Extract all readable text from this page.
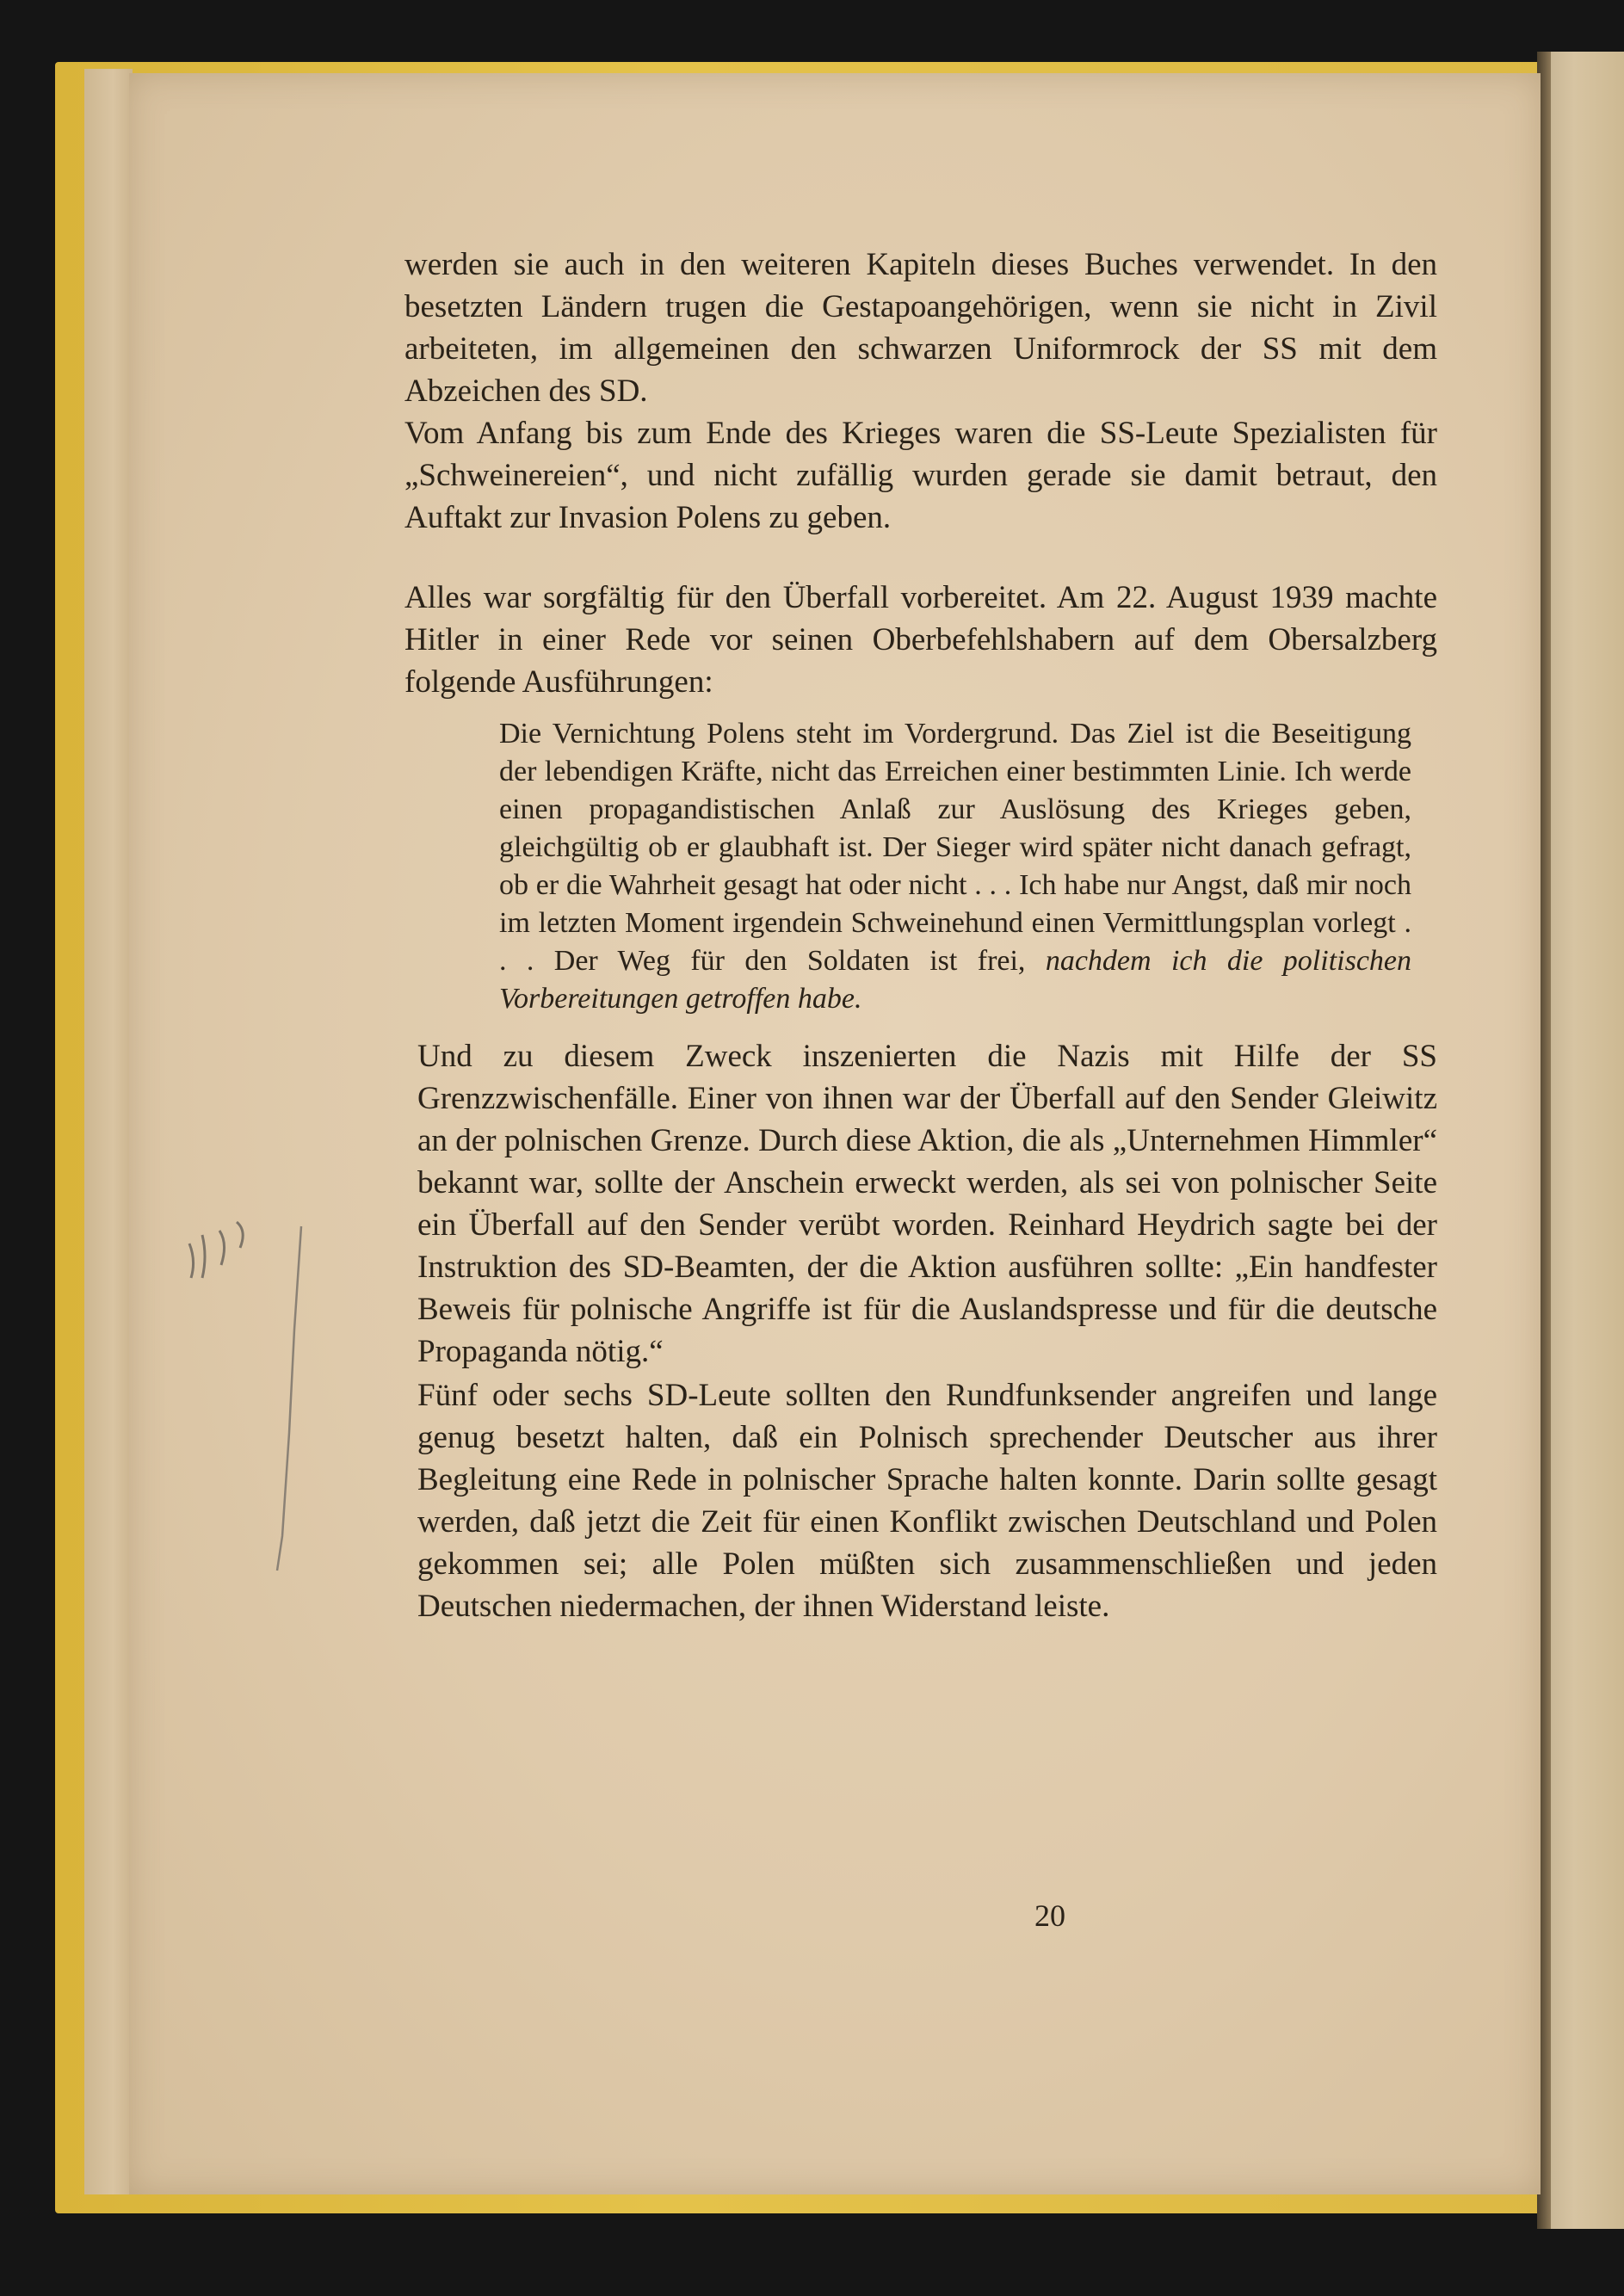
werden sie auch in den weiteren Kapiteln dieses Buches verwendet. In den besetzten Ländern trugen die Gestapoangehörigen, wenn sie nicht in Zivil arbeiteten, im allgemeinen den schwarzen Uniformrock der SS mit dem Abzeichen des SD.

Vom Anfang bis zum Ende des Krieges waren die SS-Leute Spezialisten für „Schweinereien“, und nicht zufällig wurden gerade sie damit betraut, den Auftakt zur Invasion Polens zu geben.

Alles war sorgfältig für den Überfall vorbereitet. Am 22. August 1939 machte Hitler in einer Rede vor seinen Oberbefehlshabern auf dem Obersalzberg folgende Ausführungen:

Die Vernichtung Polens steht im Vordergrund. Das Ziel ist die Beseitigung der lebendigen Kräfte, nicht das Erreichen einer bestimmten Linie. Ich werde einen propagandistischen Anlaß zur Auslösung des Krieges geben, gleichgültig ob er glaubhaft ist. Der Sieger wird später nicht danach gefragt, ob er die Wahrheit gesagt hat oder nicht . . . Ich habe nur Angst, daß mir noch im letzten Moment irgendein Schweinehund einen Vermittlungsplan vorlegt . . . Der Weg für den Soldaten ist frei, nachdem ich die politischen Vorbereitungen getroffen habe.

Und zu diesem Zweck inszenierten die Nazis mit Hilfe der SS Grenzzwischenfälle. Einer von ihnen war der Überfall auf den Sender Gleiwitz an der polnischen Grenze. Durch diese Aktion, die als „Unternehmen Himmler“ bekannt war, sollte der Anschein erweckt werden, als sei von polnischer Seite ein Überfall auf den Sender verübt worden. Reinhard Heydrich sagte bei der Instruktion des SD-Beamten, der die Aktion ausführen sollte: „Ein handfester Beweis für polnische Angriffe ist für die Auslandspresse und für die deutsche Propaganda nötig.“

Fünf oder sechs SD-Leute sollten den Rundfunksender angreifen und lange genug besetzt halten, daß ein Polnisch sprechender Deutscher aus ihrer Begleitung eine Rede in polnischer Sprache halten konnte. Darin sollte gesagt werden, daß jetzt die Zeit für einen Konflikt zwischen Deutschland und Polen gekommen sei; alle Polen müßten sich zusammenschließen und jeden Deutschen niedermachen, der ihnen Widerstand leiste.

20
